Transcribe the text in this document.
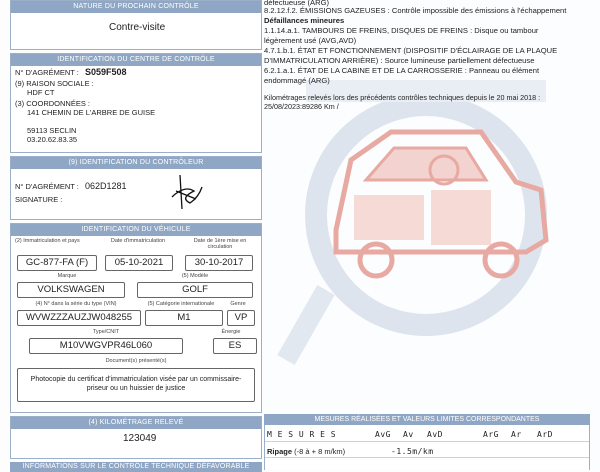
NATURE DU PROCHAIN CONTRÔLE
Contre-visite
IDENTIFICATION DU CENTRE DE CONTRÔLE
N° D'AGRÉMENT : S059F508
(9) RAISON SOCIALE :
HDF CT
(3) COORDONNÉES :
141 CHEMIN DE L'ARBRE DE GUISE
59113 SECLIN
03.20.62.83.35
(9) IDENTIFICATION DU CONTRÔLEUR
N° D'AGRÉMENT : 062D1281
SIGNATURE :
IDENTIFICATION DU VÉHICULE
(2) Immatriculation et pays	Date d'immatriculation	Date de 1ère mise en circulation
GC-877-FA (F)	05-10-2021	30-10-2017
Marque	(5) Modèle
VOLKSWAGEN	GOLF
(4) N° dans la série du type (VIN)	(5) Catégorie internationale	Genre
WVWZZZAUZJW048255	M1	VP
Type/CNIT	Énergie
M10VWGVPR46L060	ES
Document(s) présenté(s)
Photocopie du certificat d'immatriculation visée par un commissaire-priseur ou un huissier de justice
(4) KILOMÉTRAGE RELEVÉ
123049
INFORMATIONS SUR LE CONTRÔLE TECHNIQUE DÉFAVORABLE
défectueuse (ARG)
8.2.12.f.2. ÉMISSIONS GAZEUSES : Contrôle impossible des émissions à l'échappement
Défaillances mineures
1.1.14.a.1. TAMBOURS DE FREINS, DISQUES DE FREINS : Disque ou tambour
légèrement usé (AVG,AVD)
4.7.1.b.1. ÉTAT ET FONCTIONNEMENT (DISPOSITIF D'ÉCLAIRAGE DE LA PLAQUE
D'IMMATRICULATION ARRIÈRE) : Source lumineuse partiellement défectueuse
6.2.1.a.1. ÉTAT DE LA CABINE ET DE LA CARROSSERIE : Panneau ou élément
endommagé (ARG)
Kilométrages relevés lors des précédents contrôles techniques depuis le 20 mai 2018 :
25/08/2023:89286 Km /
MESURES RÉALISÉES ET VALEURS LIMITES CORRESPONDANTES
M E S U R E S	AvG Av AvD	ArG Ar ArD
Ripage (-8 à + 8 m/km)	-1.5m/km
